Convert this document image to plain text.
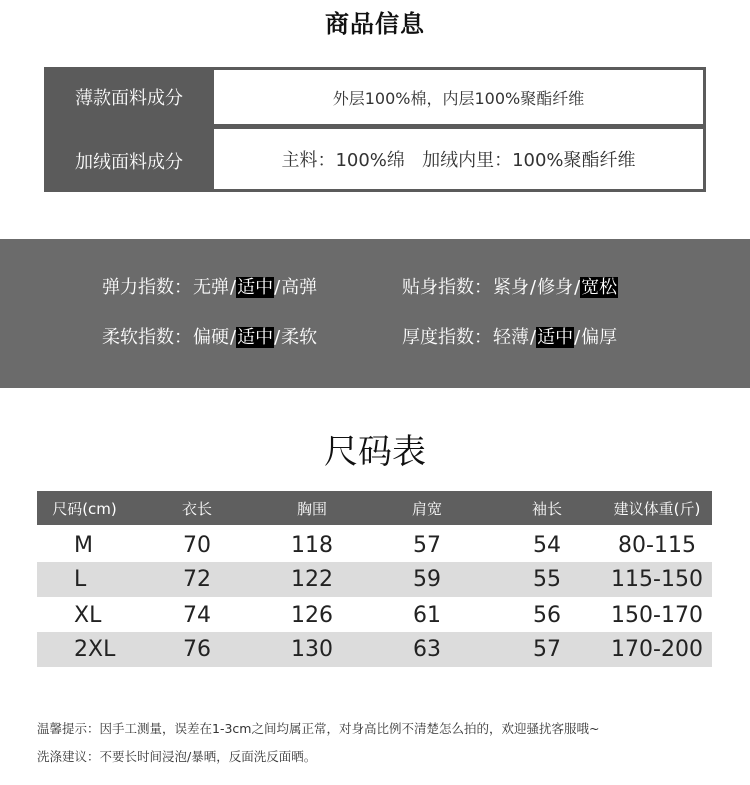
商品信息
薄款面料成分	外层100%棉，内层100%聚酯纤维
加绒面料成分	主料：100%绵   加绒内里：100%聚酯纤维
弹力指数：无弹/适中/高弹	贴身指数：紧身/修身/宽松
柔软指数：偏硬/适中/柔软	厚度指数：轻薄/适中/偏厚
尺码表
尺码(cm)	衣长	胸围	肩宽	袖长	建议体重(斤)
M	70	118	57	54	80-115
L	72	122	59	55	115-150
XL	74	126	61	56	150-170
2XL	76	130	63	57	170-200
温馨提示：因手工测量，误差在1-3cm之间均属正常，对身高比例不清楚怎么拍的，欢迎骚扰客服哦~
洗涤建议：不要长时间浸泡/暴晒，反面洗反面晒。
